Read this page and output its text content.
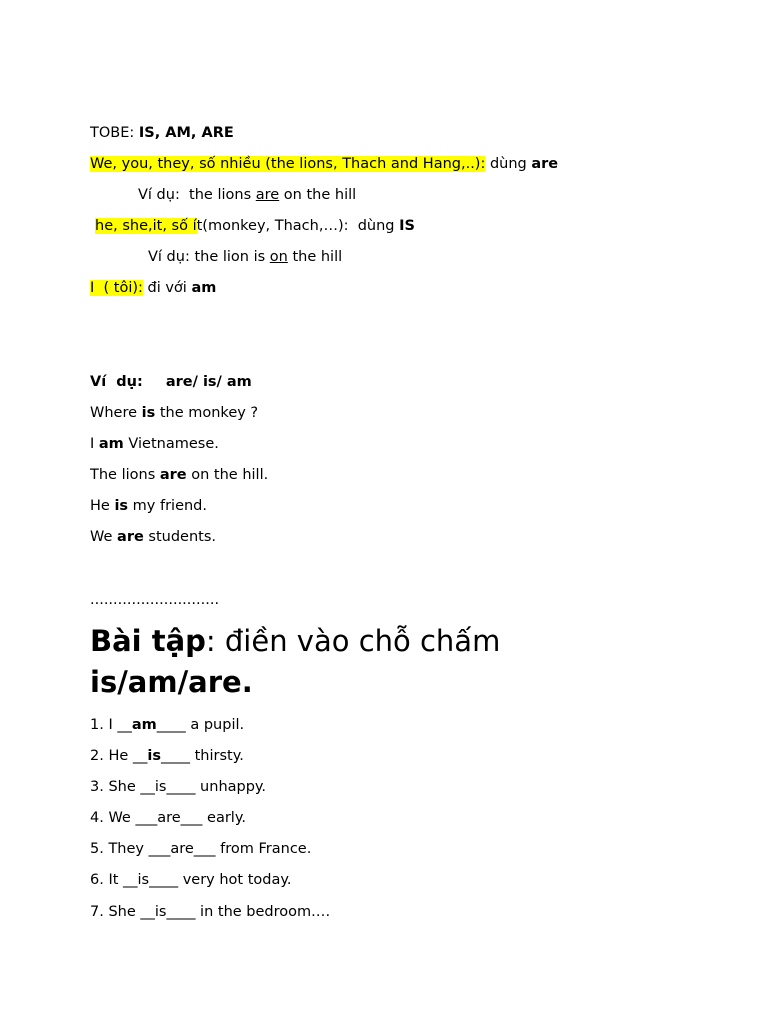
TOBE: IS, AM, ARE
We, you, they, số nhiều (the lions, Thach and Hang,..): dùng are
Ví dụ:  the lions are on the hill
he, she,it, số ít(monkey, Thach,…):  dùng IS
Ví dụ: the lion is on the hill
I  ( tôi): đi với am
Ví  dụ: are/ is/ am
Where is the monkey ?
I am Vietnamese.
The lions are on the hill.
He is my friend.
We are students.
............................
Bài tập: điền vào chỗ chấm
is/am/are.
1. I __am____ a pupil.
2. He __is____ thirsty.
3. She __is____ unhappy.
4. We ___are___ early.
5. They ___are___ from France.
6. It __is____ very hot today.
7. She __is____ in the bedroom.…
